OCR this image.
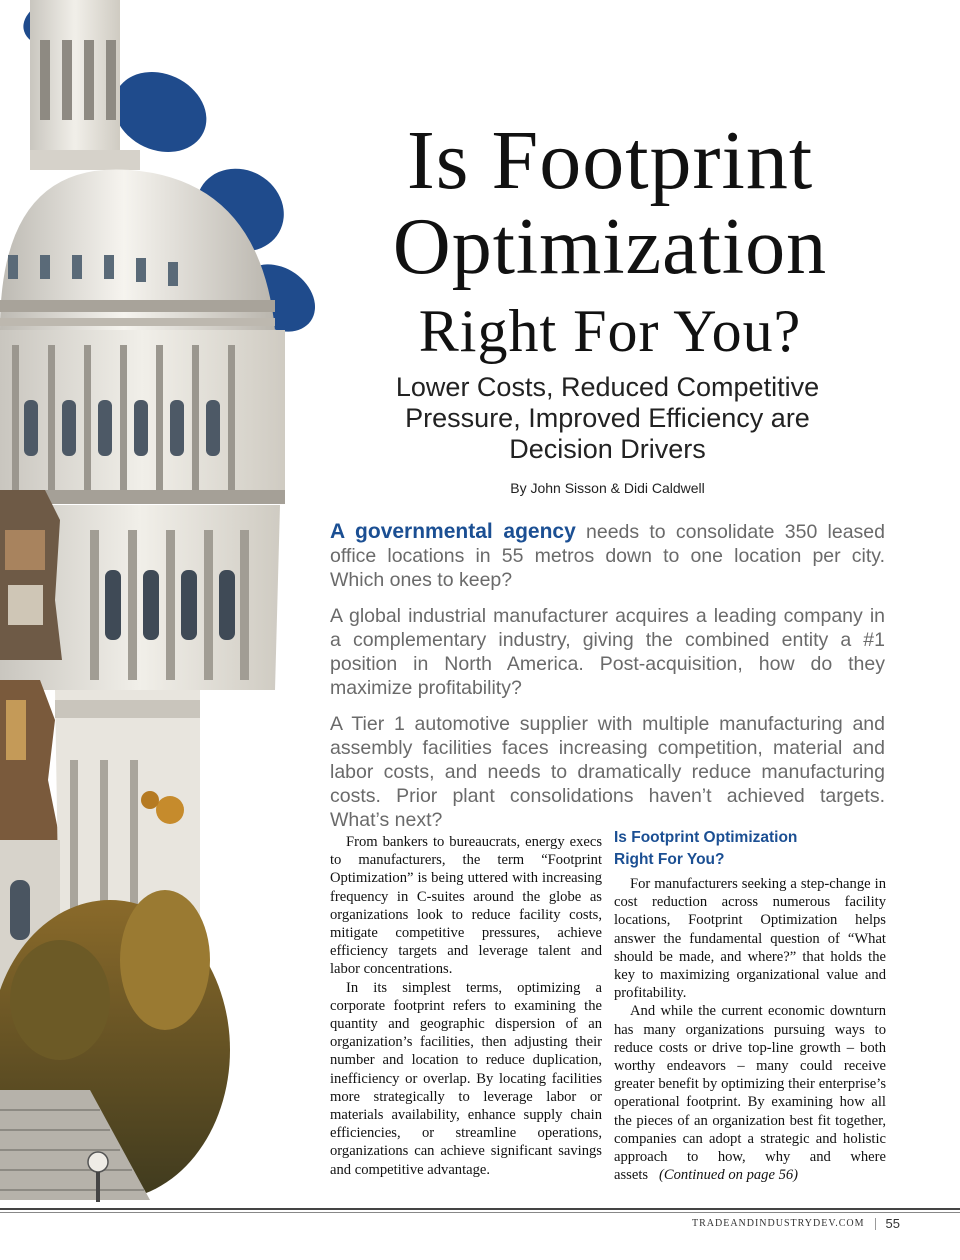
Is Footprint
Optimization
Right For You?
Lower Costs, Reduced Competitive
Pressure, Improved Efficiency are
Decision Drivers
By John Sisson & Didi Caldwell

A governmental agency needs to consolidate 350 leased office locations in 55 metros down to one location per city. Which ones to keep?

A global industrial manufacturer acquires a leading company in a complementary industry, giving the combined entity a #1 position in North America. Post-acquisition, how do they maximize profitability?

A Tier 1 automotive supplier with multiple manufacturing and assembly facilities faces increasing competition, material and labor costs, and needs to dramatically reduce manufacturing costs. Prior plant consolidations haven’t achieved targets. What’s next?

From bankers to bureaucrats, energy execs to manufacturers, the term “Footprint Optimization” is being uttered with increasing frequency in C-suites around the globe as organizations look to reduce facility costs, mitigate competitive pressures, achieve efficiency targets and leverage talent and labor concentrations.

In its simplest terms, optimizing a corporate footprint refers to examining the quantity and geographic dispersion of an organization’s facilities, then adjusting their number and location to reduce duplication, inefficiency or overlap. By locating facilities more strategically to leverage labor or materials availability, enhance supply chain efficiencies, or streamline operations, organizations can achieve significant savings and competitive advantage.

Is Footprint Optimization
Right For You?

For manufacturers seeking a step-change in cost reduction across numerous facility locations, Footprint Optimization helps answer the fundamental question of “What should be made, and where?” that holds the key to maximizing organizational value and profitability.

And while the current economic downturn has many organizations pursuing ways to reduce costs or drive top-line growth – both worthy endeavors – many could receive greater benefit by optimizing their enterprise’s operational footprint. By examining how all the pieces of an organization best fit together, companies can adopt a strategic and holistic approach to how, why and where assets (Continued on page 56)

TRADEANDINDUSTRYDEV.COM 55
